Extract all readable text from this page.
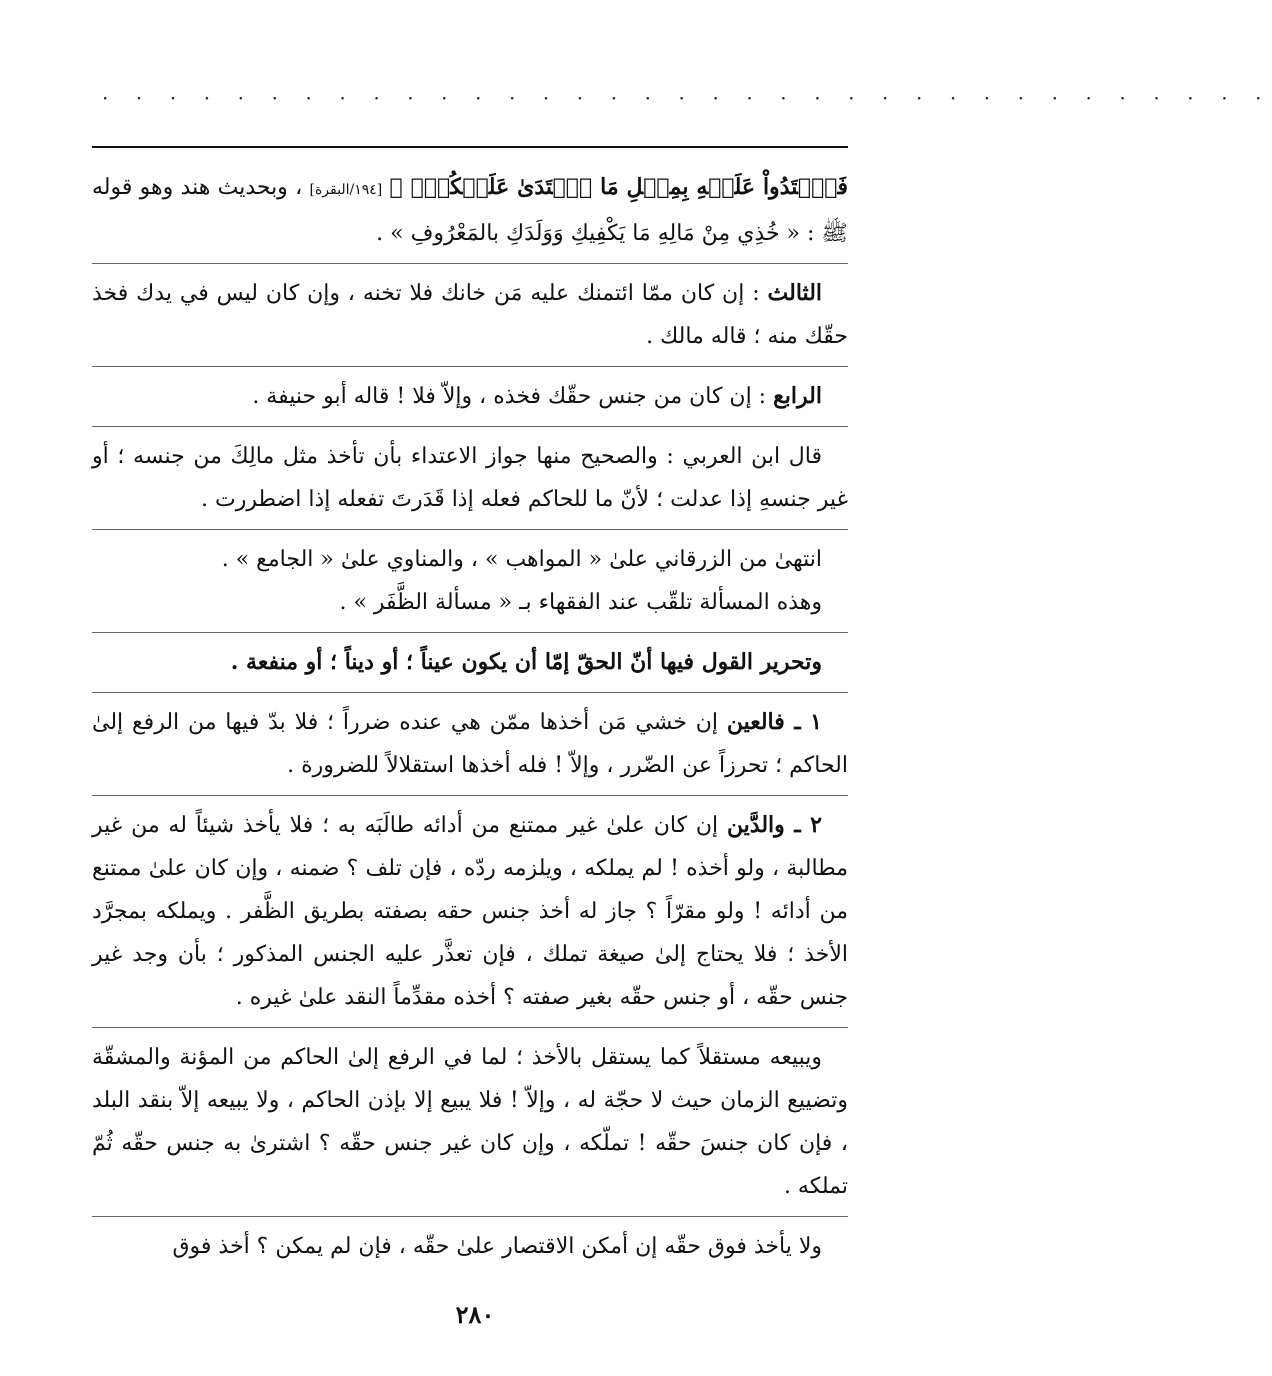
· · · · · · · · · · · · · · · · · · · · · · · · · · · · · · · · · · ·

فَٱعۡتَدُواْ عَلَيۡهِ بِمِثۡلِ مَا ٱعۡتَدَىٰ عَلَيۡكُمۡۚ ﴾ [١٩٤/البقرة] ، وبحديث هند وهو قوله ﷺ : « خُذِي مِنْ مَالِهِ مَا يَكْفِيكِ وَوَلَدَكِ بالمَعْرُوفِ » .

الثالث : إن كان ممّا ائتمنك عليه مَن خانك فلا تخنه ، وإن كان ليس في يدك فخذ حقّك منه ؛ قاله مالك .

الرابع : إن كان من جنس حقّك فخذه ، وإلاّ فلا ! قاله أبو حنيفة .

قال ابن العربي : والصحيح منها جواز الاعتداء بأن تأخذ مثل مالِكَ من جنسه ؛ أو غير جنسهِ إذا عدلت ؛ لأنّ ما للحاكم فعله إذا قَدَرتَ تفعله إذا اضطررت .

انتهىٰ من الزرقاني علىٰ « المواهب » ، والمناوي علىٰ « الجامع » .

وهذه المسألة تلقّب عند الفقهاء بـ « مسألة الظَّفَر » .

وتحرير القول فيها أنّ الحقّ إمّا أن يكون عيناً ؛ أو ديناً ؛ أو منفعة .

١ ـ فالعين إن خشي مَن أخذها ممّن هي عنده ضرراً ؛ فلا بدّ فيها من الرفع إلىٰ الحاكم ؛ تحرزاً عن الضّرر ، وإلاّ ! فله أخذها استقلالاً للضرورة .

٢ ـ والدَّين إن كان علىٰ غير ممتنع من أدائه طالَبَه به ؛ فلا يأخذ شيئاً له من غير مطالبة ، ولو أخذه ! لم يملكه ، ويلزمه ردّه ، فإن تلف ؟ ضمنه ، وإن كان علىٰ ممتنع من أدائه ! ولو مقرّاً ؟ جاز له أخذ جنس حقه بصفته بطريق الظَّفر . ويملكه بمجرَّد الأخذ ؛ فلا يحتاج إلىٰ صيغة تملك ، فإن تعذَّر عليه الجنس المذكور ؛ بأن وجد غير جنس حقّه ، أو جنس حقّه بغير صفته ؟ أخذه مقدِّماً النقد علىٰ غيره .

ويبيعه مستقلاً كما يستقل بالأخذ ؛ لما في الرفع إلىٰ الحاكم من المؤنة والمشقّة وتضييع الزمان حيث لا حجّة له ، وإلاّ ! فلا يبيع إلا بإذن الحاكم ، ولا يبيعه إلاّ بنقد البلد ، فإن كان جنسَ حقّه ! تملّكه ، وإن كان غير جنس حقّه ؟ اشترىٰ به جنس حقّه ثُمّ تملكه .

ولا يأخذ فوق حقّه إن أمكن الاقتصار علىٰ حقّه ، فإن لم يمكن ؟ أخذ فوق

٢٨٠
